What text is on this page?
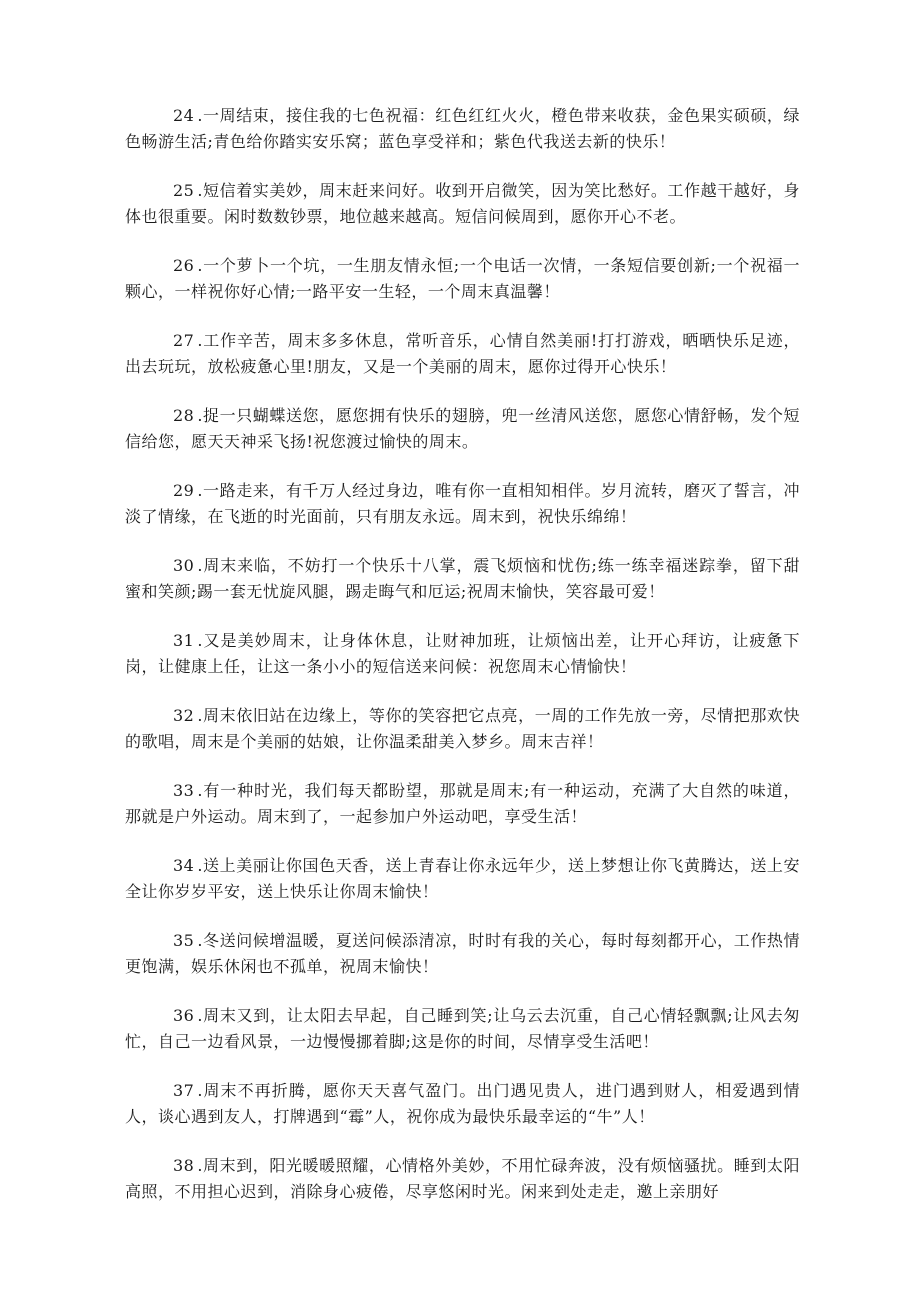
24 .一周结束，接住我的七色祝福：红色红红火火，橙色带来收获，金色果实硕硕，绿色畅游生活;青色给你踏实安乐窝；蓝色享受祥和；紫色代我送去新的快乐！

25 .短信着实美妙，周末赶来问好。收到开启微笑，因为笑比愁好。工作越干越好，身体也很重要。闲时数数钞票，地位越来越高。短信问候周到，愿你开心不老。

26 .一个萝卜一个坑，一生朋友情永恒;一个电话一次情，一条短信要创新;一个祝福一颗心，一样祝你好心情;一路平安一生轻，一个周末真温馨！

27 .工作辛苦，周末多多休息，常听音乐，心情自然美丽!打打游戏，晒晒快乐足迹，出去玩玩，放松疲惫心里!朋友，又是一个美丽的周末，愿你过得开心快乐！

28 .捉一只蝴蝶送您，愿您拥有快乐的翅膀，兜一丝清风送您，愿您心情舒畅，发个短信给您，愿天天神采飞扬!祝您渡过愉快的周末。

29 .一路走来，有千万人经过身边，唯有你一直相知相伴。岁月流转，磨灭了誓言，冲淡了情缘，在飞逝的时光面前，只有朋友永远。周末到，祝快乐绵绵！

30 .周末来临，不妨打一个快乐十八掌，震飞烦恼和忧伤;练一练幸福迷踪拳，留下甜蜜和笑颜;踢一套无忧旋风腿，踢走晦气和厄运;祝周末愉快，笑容最可爱！

31 .又是美妙周末，让身体休息，让财神加班，让烦恼出差，让开心拜访，让疲惫下岗，让健康上任，让这一条小小的短信送来问候：祝您周末心情愉快！

32 .周末依旧站在边缘上，等你的笑容把它点亮，一周的工作先放一旁，尽情把那欢快的歌唱，周末是个美丽的姑娘，让你温柔甜美入梦乡。周末吉祥！

33 .有一种时光，我们每天都盼望，那就是周末;有一种运动，充满了大自然的味道，那就是户外运动。周末到了，一起参加户外运动吧，享受生活！

34 .送上美丽让你国色天香，送上青春让你永远年少，送上梦想让你飞黄腾达，送上安全让你岁岁平安，送上快乐让你周末愉快！

35 .冬送问候增温暖，夏送问候添清凉，时时有我的关心，每时每刻都开心，工作热情更饱满，娱乐休闲也不孤单，祝周末愉快！

36 .周末又到，让太阳去早起，自己睡到笑;让乌云去沉重，自己心情轻飘飘;让风去匆忙，自己一边看风景，一边慢慢挪着脚;这是你的时间，尽情享受生活吧！

37 .周末不再折腾，愿你天天喜气盈门。出门遇见贵人，进门遇到财人，相爱遇到情人，谈心遇到友人，打牌遇到“霉”人，祝你成为最快乐最幸运的“牛”人！

38 .周末到，阳光暖暖照耀，心情格外美妙，不用忙碌奔波，没有烦恼骚扰。睡到太阳高照，不用担心迟到，消除身心疲倦，尽享悠闲时光。闲来到处走走，邀上亲朋好
